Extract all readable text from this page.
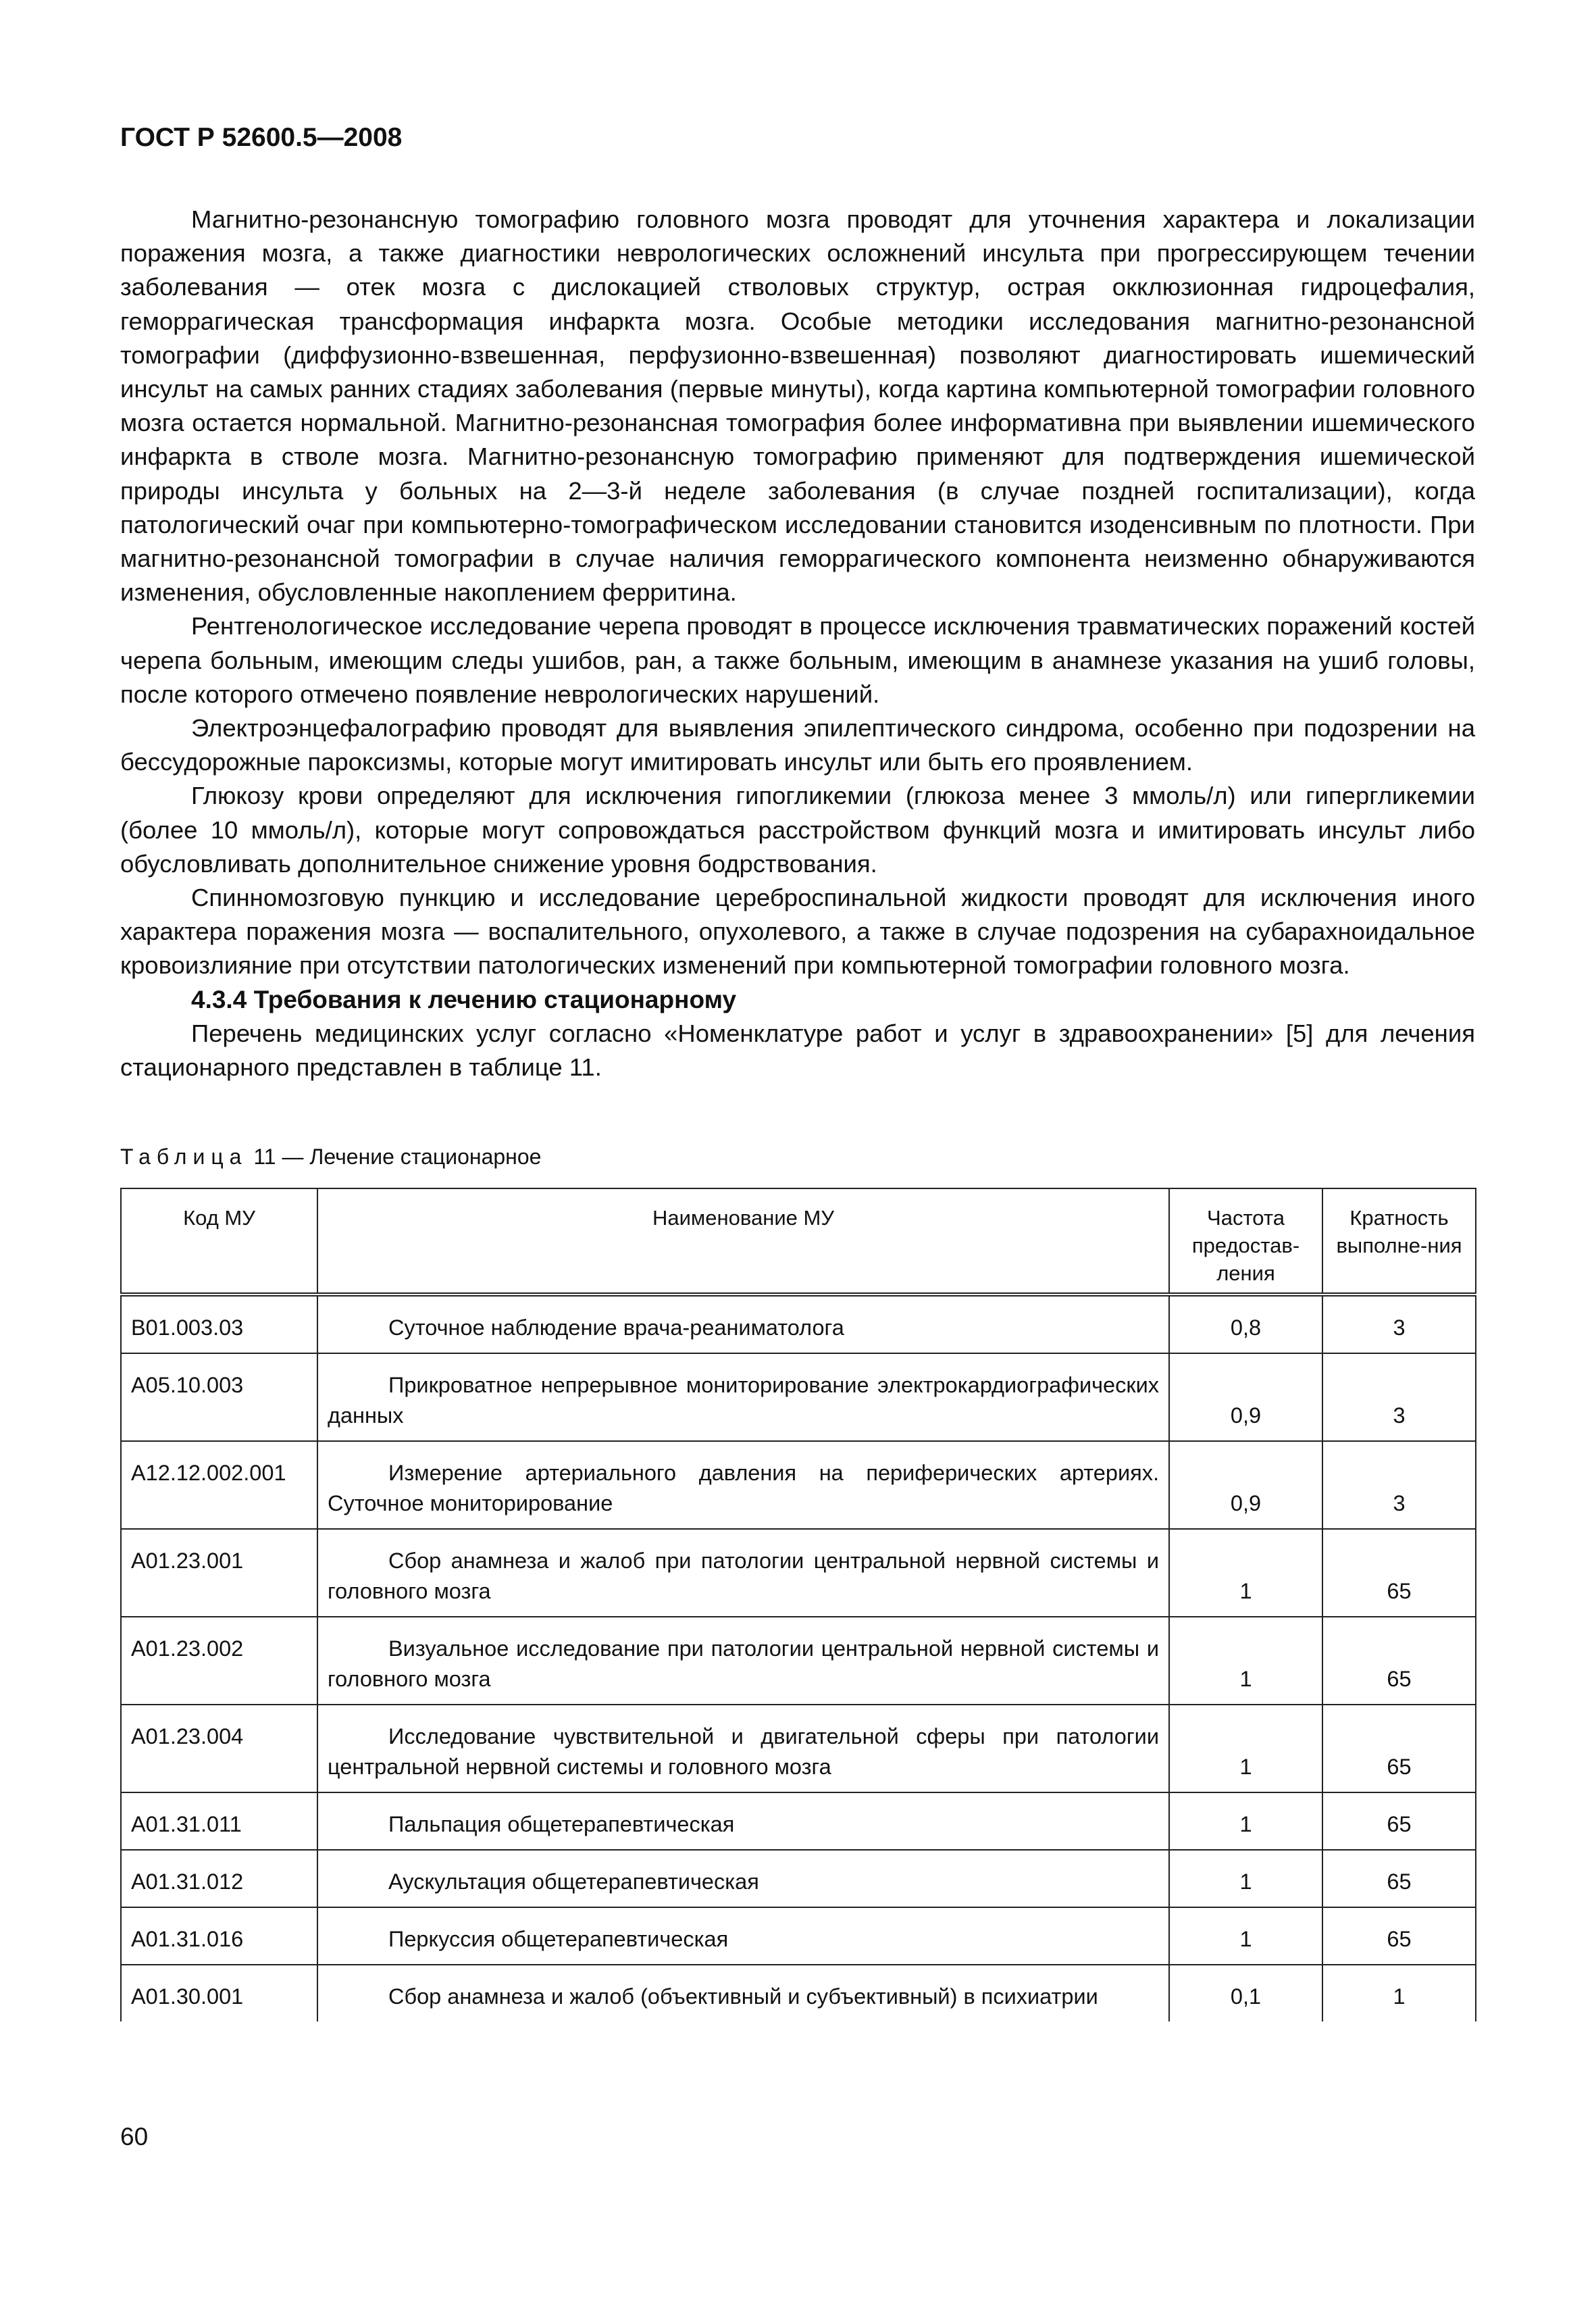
ГОСТ Р 52600.5—2008

Магнитно-резонансную томографию головного мозга проводят для уточнения характера и локализации поражения мозга, а также диагностики неврологических осложнений инсульта при прогрессирующем течении заболевания — отек мозга с дислокацией стволовых структур, острая окклюзионная гидроцефалия, геморрагическая трансформация инфаркта мозга. Особые методики исследования магнитно-резонансной томографии (диффузионно-взвешенная, перфузионно-взвешенная) позволяют диагностировать ишемический инсульт на самых ранних стадиях заболевания (первые минуты), когда картина компьютерной томографии головного мозга остается нормальной. Магнитно-резонансная томография более информативна при выявлении ишемического инфаркта в стволе мозга. Магнитно-резонансную томографию применяют для подтверждения ишемической природы инсульта у больных на 2—3-й неделе заболевания (в случае поздней госпитализации), когда патологический очаг при компьютерно-томографическом исследовании становится изоденсивным по плотности. При магнитно-резонансной томографии в случае наличия геморрагического компонента неизменно обнаруживаются изменения, обусловленные накоплением ферритина.

Рентгенологическое исследование черепа проводят в процессе исключения травматических поражений костей черепа больным, имеющим следы ушибов, ран, а также больным, имеющим в анамнезе указания на ушиб головы, после которого отмечено появление неврологических нарушений.

Электроэнцефалографию проводят для выявления эпилептического синдрома, особенно при подозрении на бессудорожные пароксизмы, которые могут имитировать инсульт или быть его проявлением.

Глюкозу крови определяют для исключения гипогликемии (глюкоза менее 3 ммоль/л) или гипергликемии (более 10 ммоль/л), которые могут сопровождаться расстройством функций мозга и имитировать инсульт либо обусловливать дополнительное снижение уровня бодрствования.

Спинномозговую пункцию и исследование цереброспинальной жидкости проводят для исключения иного характера поражения мозга — воспалительного, опухолевого, а также в случае подозрения на субарахноидальное кровоизлияние при отсутствии патологических изменений при компьютерной томографии головного мозга.

4.3.4 Требования к лечению стационарному

Перечень медицинских услуг согласно «Номенклатуре работ и услуг в здравоохранении» [5] для лечения стационарного представлен в таблице 11.

Таблица 11 — Лечение стационарное
Код МУ	Наименование МУ	Частота предостав-ления	Кратность выполне-ния
B01.003.03	Суточное наблюдение врача-реаниматолога	0,8	3
A05.10.003	Прикроватное непрерывное мониторирование электрокардиографических данных	0,9	3
A12.12.002.001	Измерение артериального давления на периферических артериях. Суточное мониторирование	0,9	3
A01.23.001	Сбор анамнеза и жалоб при патологии центральной нервной системы и головного мозга	1	65
A01.23.002	Визуальное исследование при патологии центральной нервной системы и головного мозга	1	65
A01.23.004	Исследование чувствительной и двигательной сферы при патологии центральной нервной системы и головного мозга	1	65
A01.31.011	Пальпация общетерапевтическая	1	65
A01.31.012	Аускультация общетерапевтическая	1	65
A01.31.016	Перкуссия общетерапевтическая	1	65
A01.30.001	Сбор анамнеза и жалоб (объективный и субъективный) в психиатрии	0,1	1
60
